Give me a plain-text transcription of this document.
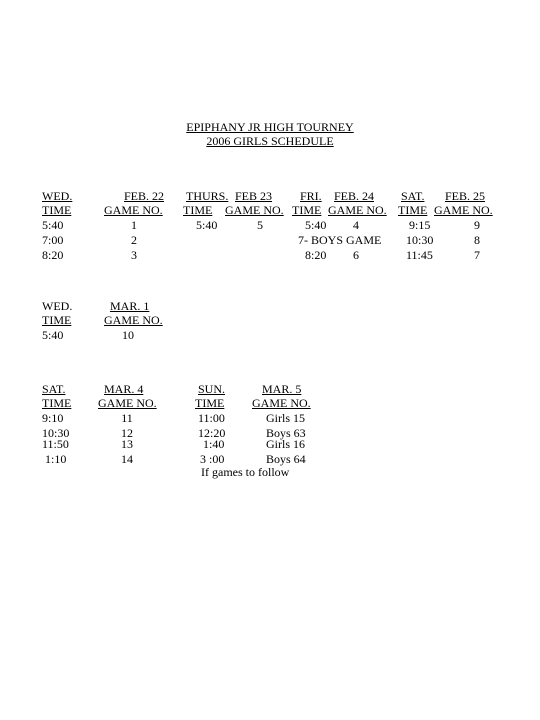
EPIPHANY JR HIGH TOURNEY
2006 GIRLS SCHEDULE
WED.	FEB. 22
TIME	GAME NO.
5:40	1
7:00	2
8:20	3
THURS. FEB 23
TIME	GAME NO.
5:40	5
FRI.	FEB. 24
TIME GAME NO.
5:40	4
7- BOYS GAME
8:20	6
SAT.	FEB. 25
TIME GAME NO.
9:15	9
10:30	8
11:45	7
WED.	MAR. 1
TIME	GAME NO.
5:40	10
SAT.	MAR. 4
TIME	GAME NO.
9:10	11
10:30	12
11:50	13
1:10	14
SUN.	MAR. 5
TIME	GAME NO.
11:00	Girls 15
12:20	Boys 63
1:40	Girls 16
3 :00	Boys 64
If games to follow
